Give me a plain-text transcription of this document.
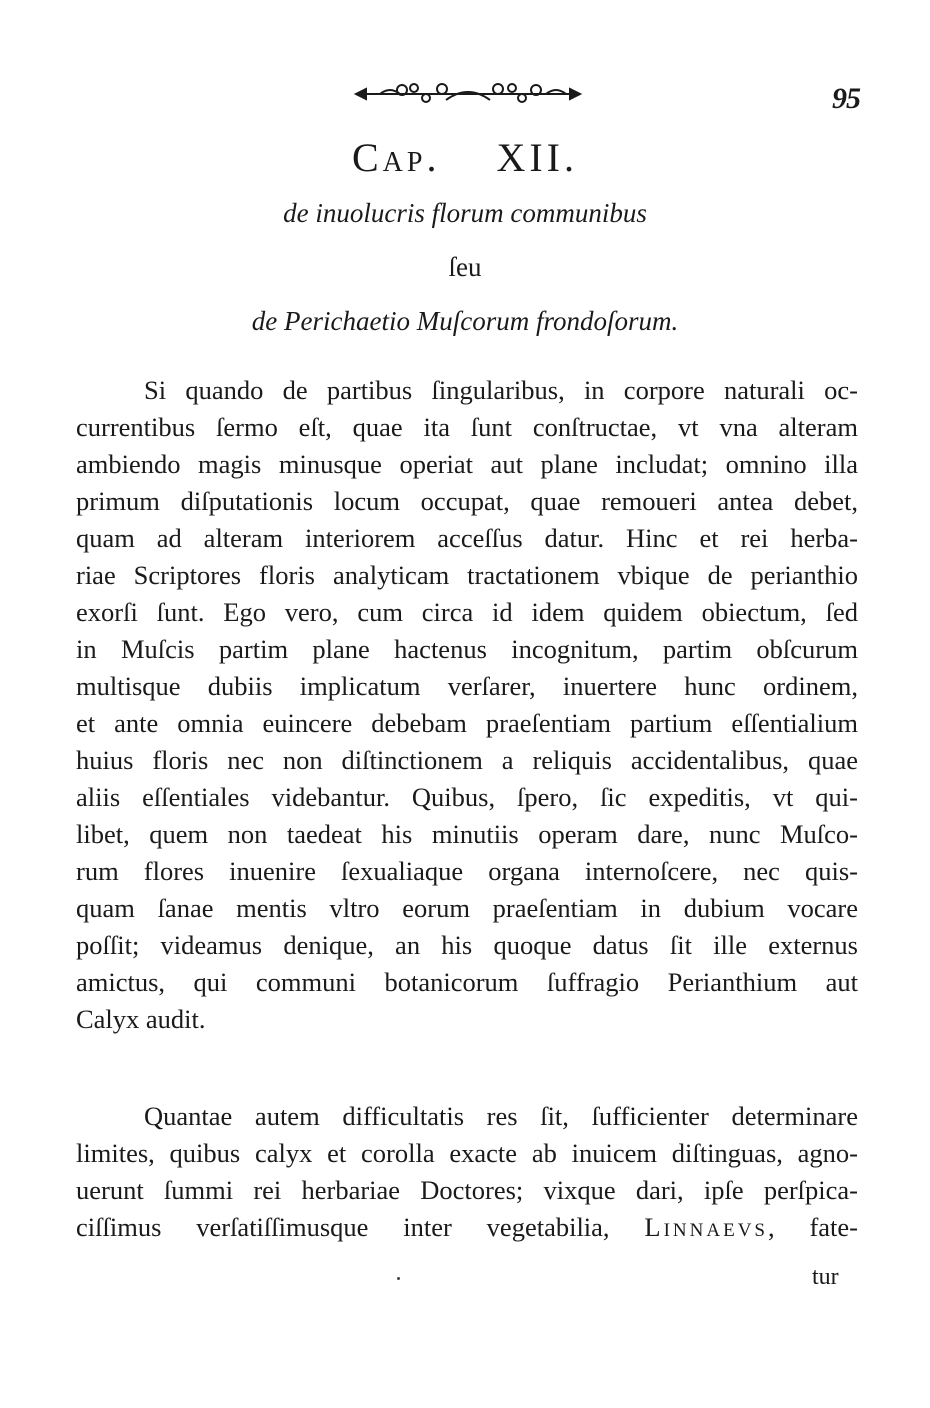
95
Cap. XII.
de inuolucris florum communibus
ſeu
de Perichaetio Muſcorum frondoſorum.
Si quando de partibus ſingularibus, in corpore naturali oc-
currentibus ſermo eſt, quae ita ſunt conſtructae, vt vna alteram
ambiendo magis minusque operiat aut plane includat; omnino illa
primum diſputationis locum occupat, quae remoueri antea debet,
quam ad alteram interiorem acceſſus datur. Hinc et rei herba-
riae Scriptores floris analyticam tractationem vbique de perianthio
exorſi ſunt. Ego vero, cum circa id idem quidem obiectum, ſed
in Muſcis partim plane hactenus incognitum, partim obſcurum
multisque dubiis implicatum verſarer, inuertere hunc ordinem,
et ante omnia euincere debebam praeſentiam partium eſſentialium
huius floris nec non diſtinctionem a reliquis accidentalibus, quae
aliis eſſentiales videbantur. Quibus, ſpero, ſic expeditis, vt qui-
libet, quem non taedeat his minutiis operam dare, nunc Muſco-
rum flores inuenire ſexualiaque organa internoſcere, nec quis-
quam ſanae mentis vltro eorum praeſentiam in dubium vocare
poſſit; videamus denique, an his quoque datus ſit ille externus
amictus, qui communi botanicorum ſuffragio Perianthium aut
Calyx audit.
Quantae autem difficultatis res ſit, ſufficienter determinare
limites, quibus calyx et corolla exacte ab inuicem diſtinguas, agno-
uerunt ſummi rei herbariae Doctores; vixque dari, ipſe perſpica-
ciſſimus verſatiſſimusque inter vegetabilia, Linnaevs, fate-
tur
